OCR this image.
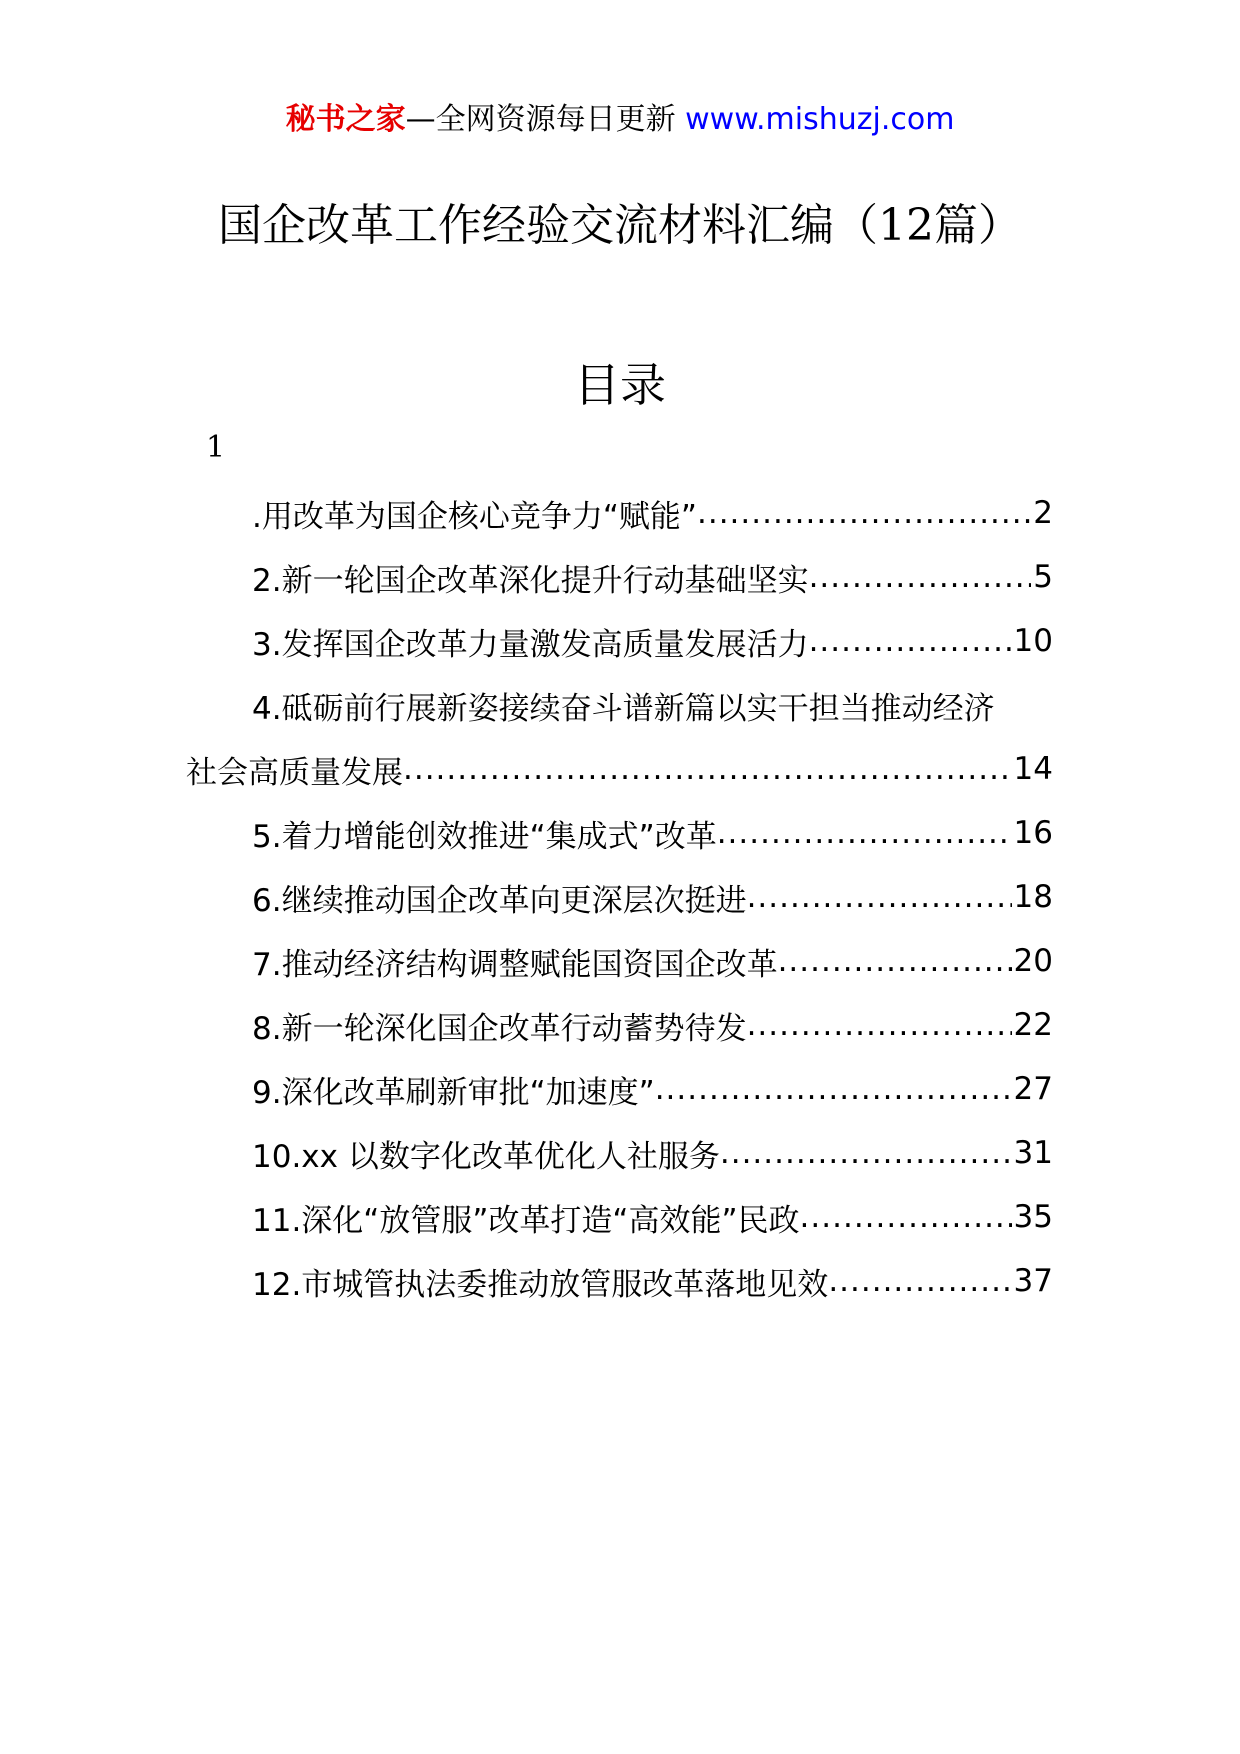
秘书之家—全网资源每日更新 www.mishuzj.com
国企改革工作经验交流材料汇编（12篇）
目录
1
.用改革为国企核心竞争力“赋能” .....	2
2.新一轮国企改革深化提升行动基础坚实 .....	5
3.发挥国企改革力量激发高质量发展活力 .....	10
4.砥砺前行展新姿接续奋斗谱新篇以实干担当推动经济
社会高质量发展 .....	14
5.着力增能创效推进“集成式”改革 .....	16
6.继续推动国企改革向更深层次挺进 .....	18
7.推动经济结构调整赋能国资国企改革 .....	20
8.新一轮深化国企改革行动蓄势待发 .....	22
9.深化改革刷新审批“加速度” .....	27
10.xx 以数字化改革优化人社服务 .....	31
11.深化“放管服”改革打造“高效能”民政 .....	35
12.市城管执法委推动放管服改革落地见效 .....	37
